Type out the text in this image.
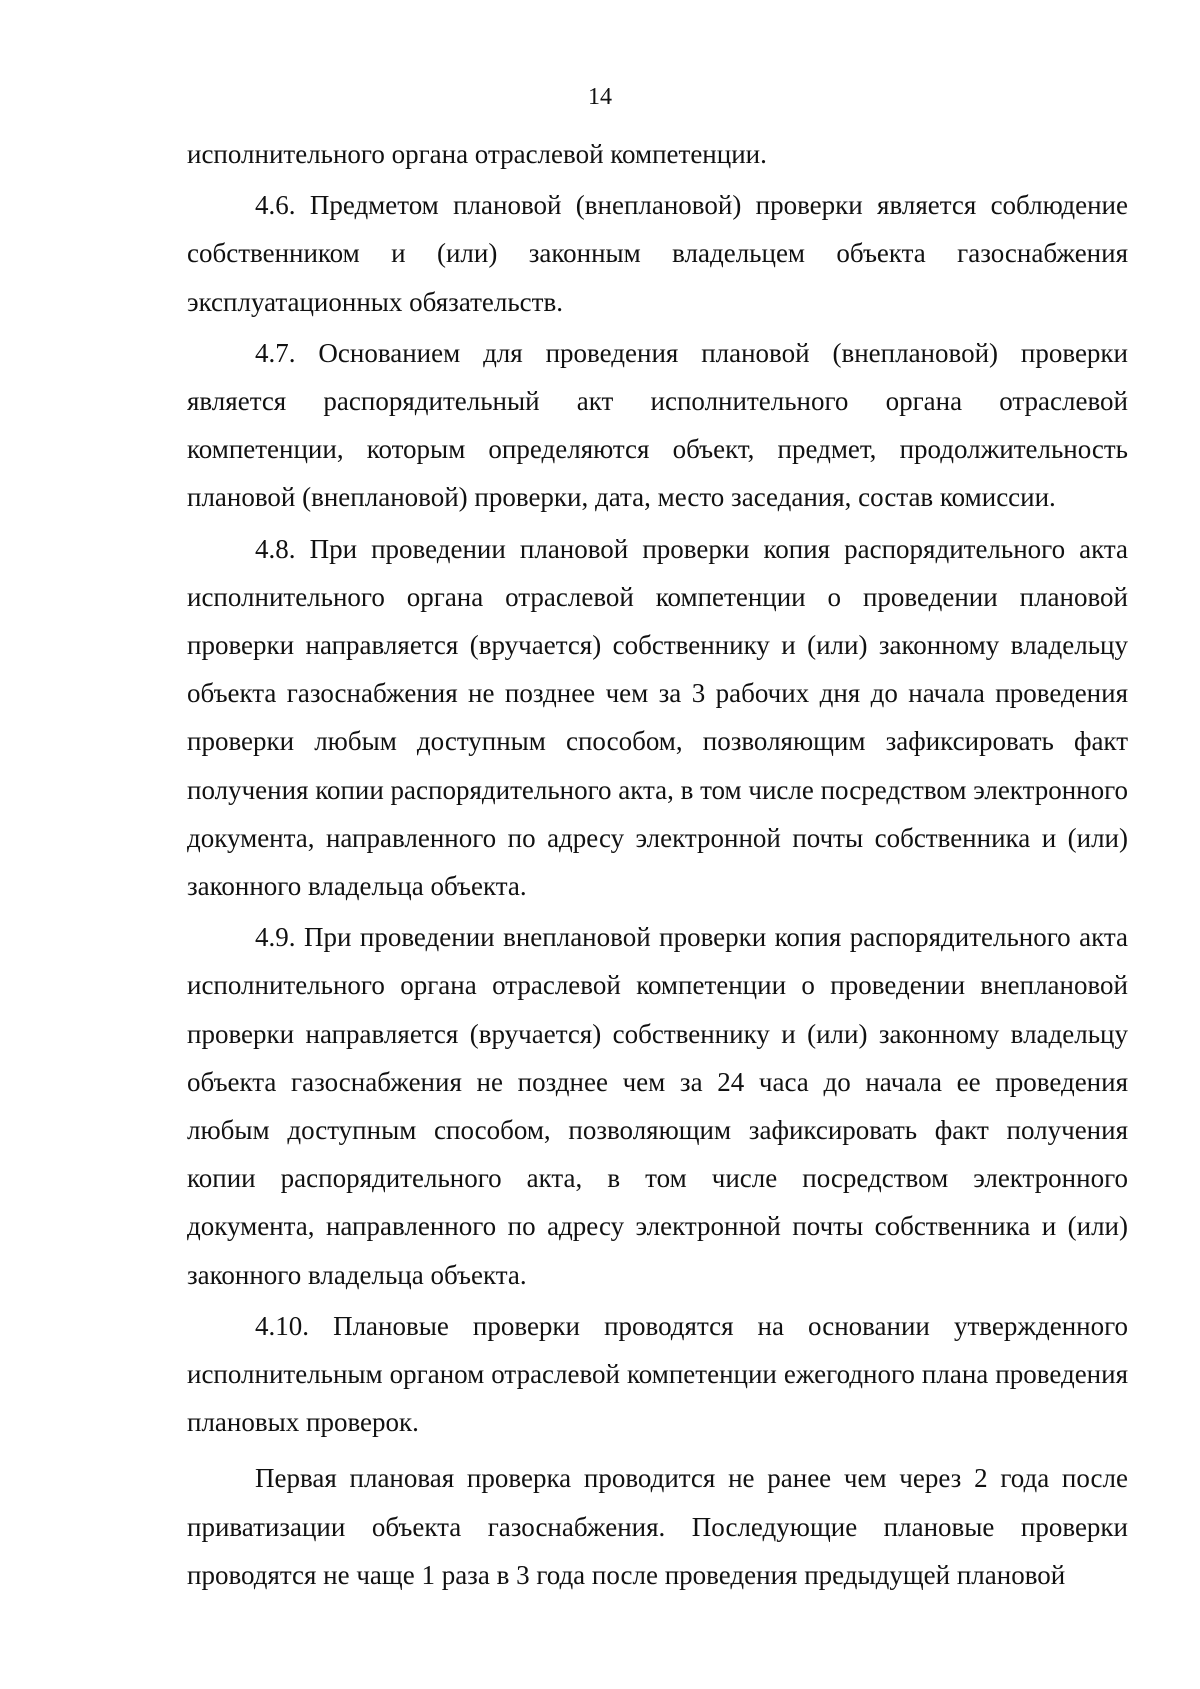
14

исполнительного органа отраслевой компетенции.

4.6. Предметом плановой (внеплановой) проверки является соблюдение собственником и (или) законным владельцем объекта газоснабжения эксплуатационных обязательств.

4.7. Основанием для проведения плановой (внеплановой) проверки является распорядительный акт исполнительного органа отраслевой компетенции, которым определяются объект, предмет, продолжительность плановой (внеплановой) проверки, дата, место заседания, состав комиссии.

4.8. При проведении плановой проверки копия распорядительного акта исполнительного органа отраслевой компетенции о проведении плановой проверки направляется (вручается) собственнику и (или) законному владельцу объекта газоснабжения не позднее чем за 3 рабочих дня до начала проведения проверки любым доступным способом, позволяющим зафиксировать факт получения копии распорядительного акта, в том числе посредством электронного документа, направленного по адресу электронной почты собственника и (или) законного владельца объекта.

4.9. При проведении внеплановой проверки копия распорядительного акта исполнительного органа отраслевой компетенции о проведении внеплановой проверки направляется (вручается) собственнику и (или) законному владельцу объекта газоснабжения не позднее чем за 24 часа до начала ее проведения любым доступным способом, позволяющим зафиксировать факт получения копии распорядительного акта, в том числе посредством электронного документа, направленного по адресу электронной почты собственника и (или) законного владельца объекта.

4.10. Плановые проверки проводятся на основании утвержденного исполнительным органом отраслевой компетенции ежегодного плана проведения плановых проверок.

Первая плановая проверка проводится не ранее чем через 2 года после приватизации объекта газоснабжения. Последующие плановые проверки проводятся не чаще 1 раза в 3 года после проведения предыдущей плановой
